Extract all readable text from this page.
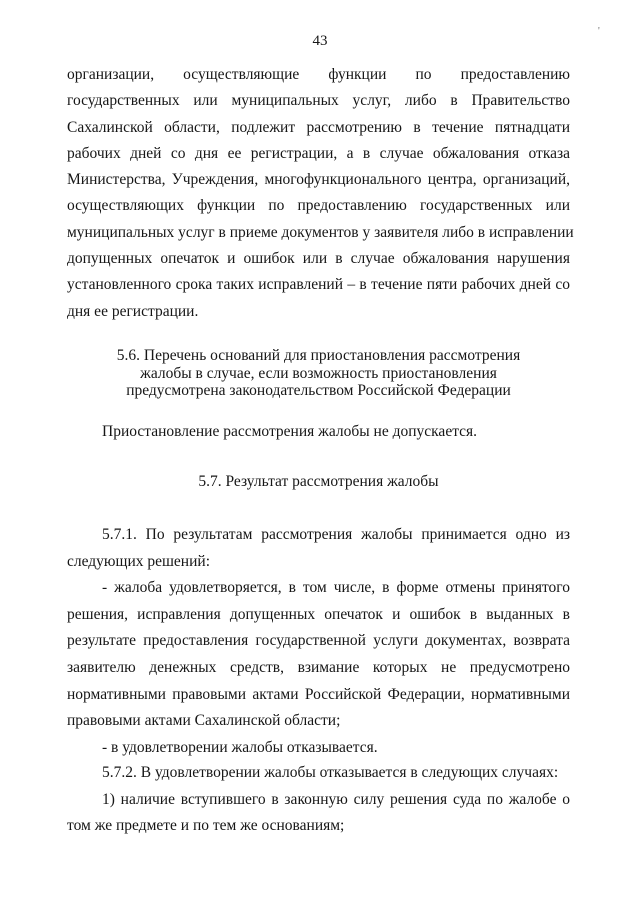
'
43

организации, осуществляющие функции по предоставлению

государственных или муниципальных услуг, либо в Правительство

Сахалинской области, подлежит рассмотрению в течение пятнадцати

рабочих дней со дня ее регистрации, а в случае обжалования отказа

Министерства, Учреждения, многофункционального центра, организаций,

осуществляющих функции по предоставлению государственных или

муниципальных услуг в приеме документов у заявителя либо в исправлении

допущенных опечаток и ошибок или в случае обжалования нарушения

установленного срока таких исправлений – в течение пяти рабочих дней со

дня ее регистрации.

5.6. Перечень оснований для приостановления рассмотрения

жалобы в случае, если возможность приостановления

предусмотрена законодательством Российской Федерации

Приостановление рассмотрения жалобы не допускается.

5.7. Результат рассмотрения жалобы

5.7.1. По результатам рассмотрения жалобы принимается одно из

следующих решений:

- жалоба удовлетворяется, в том числе, в форме отмены принятого

решения, исправления допущенных опечаток и ошибок в выданных в

результате предоставления государственной услуги документах, возврата

заявителю денежных средств, взимание которых не предусмотрено

нормативными правовыми актами Российской Федерации, нормативными

правовыми актами Сахалинской области;

- в удовлетворении жалобы отказывается.

5.7.2. В удовлетворении жалобы отказывается в следующих случаях:

1) наличие вступившего в законную силу решения суда по жалобе о

том же предмете и по тем же основаниям;
